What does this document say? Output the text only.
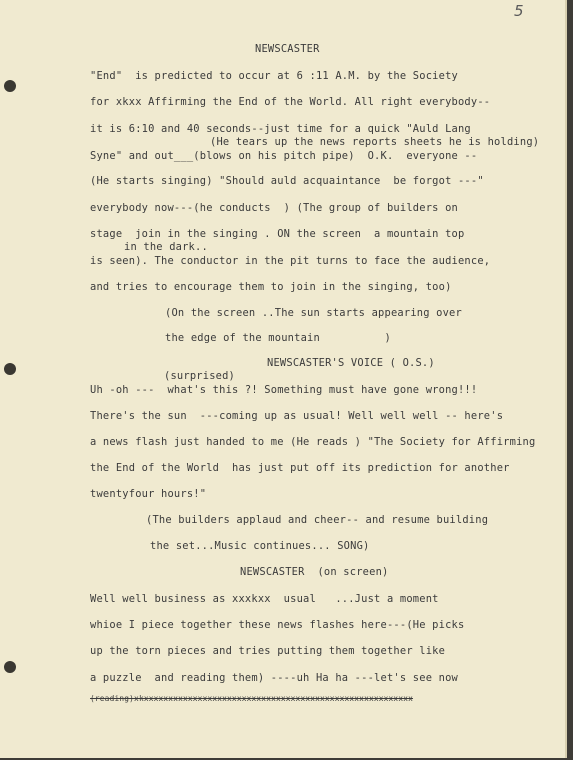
5
NEWSCASTER
"End"  is predicted to occur at 6 :11 A.M. by the Society
for xkxx Affirming the End of the World. All right everybody--
(He tears up the news reports sheets he is holding)
it is 6:10 and 40 seconds--just time for a quick "Auld Lang
Syne" and out___(blows on his pitch pipe)  O.K.  everyone --
(He starts singing) "Should auld acquaintance  be forgot ---"
everybody now---(he conducts  ) (The group of builders on
stage  join in the singing . ON the screen  a mountain top
in the dark..
is seen). The conductor in the pit turns to face the audience,
and tries to encourage them to join in the singing, too)
(On the screen ..The sun starts appearing over
the edge of the mountain          )
NEWSCASTER'S VOICE ( O.S.)
(surprised)
Uh -oh ---  what's this ?! Something must have gone wrong!!!
There's the sun  ---coming up as usual! Well well well -- here's
a news flash just handed to me (He reads ) "The Society for Affirming
the End of the World  has just put off its prediction for another
twentyfour hours!"
(The builders applaud and cheer-- and resume building
the set...Music continues... SONG)
NEWSCASTER  (on screen)
Well well business as xxxkxx  usual   ...Just a moment
whioe I piece together these news flashes here---(He picks
up the torn pieces and tries putting them together like
a puzzle  and reading them) ----uh Ha ha ---let's see now
(reading)xkxxxxxxxxxxxxxxxxxxxxxxxxxxxxxxxxxxxxxxxxxxxxxxxxxxxxxxx
